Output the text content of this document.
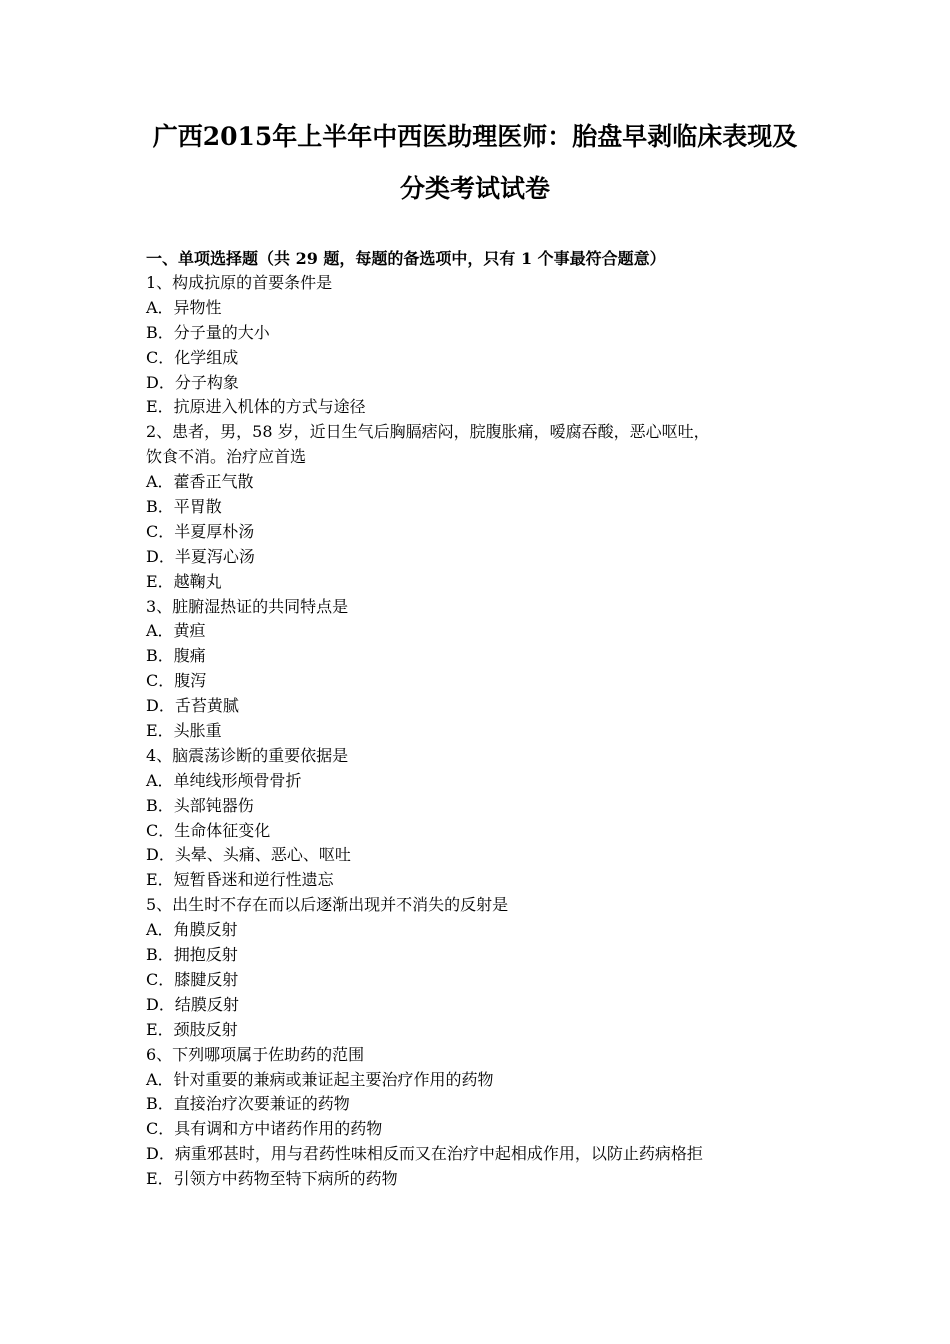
广西2015年上半年中西医助理医师：胎盘早剥临床表现及
分类考试试卷
一、单项选择题（共 29 题，每题的备选项中，只有 1 个事最符合题意）
1、构成抗原的首要条件是
A．异物性
B．分子量的大小
C．化学组成
D．分子构象
E．抗原进入机体的方式与途径
2、患者，男，58 岁，近日生气后胸膈痞闷，脘腹胀痛，嗳腐吞酸，恶心呕吐，
饮食不消。治疗应首选
A．藿香正气散
B．平胃散
C．半夏厚朴汤
D．半夏泻心汤
E．越鞠丸
3、脏腑湿热证的共同特点是
A．黄疸
B．腹痛
C．腹泻
D．舌苔黄腻
E．头胀重
4、脑震荡诊断的重要依据是
A．单纯线形颅骨骨折
B．头部钝器伤
C．生命体征变化
D．头晕、头痛、恶心、呕吐
E．短暂昏迷和逆行性遗忘
5、出生时不存在而以后逐渐出现并不消失的反射是
A．角膜反射
B．拥抱反射
C．膝腱反射
D．结膜反射
E．颈肢反射
6、下列哪项属于佐助药的范围
A．针对重要的兼病或兼证起主要治疗作用的药物
B．直接治疗次要兼证的药物
C．具有调和方中诸药作用的药物
D．病重邪甚时，用与君药性味相反而又在治疗中起相成作用，以防止药病格拒
E．引领方中药物至特下病所的药物
